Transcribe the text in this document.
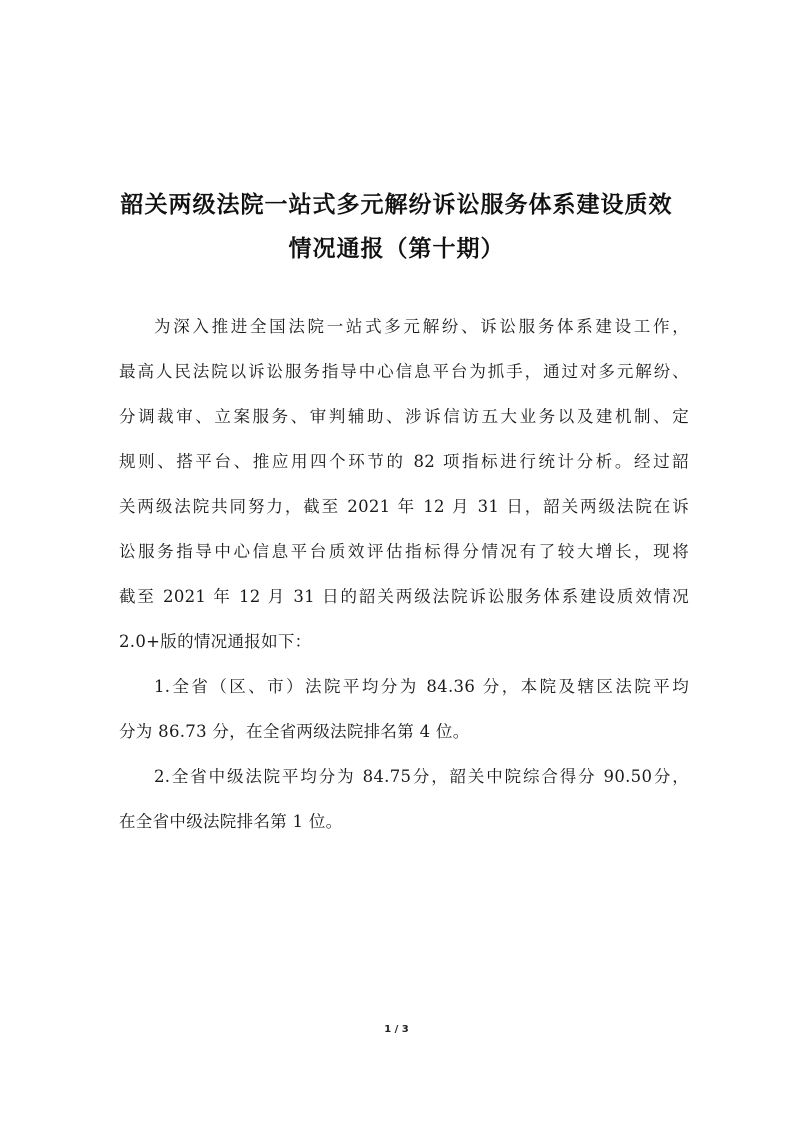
韶关两级法院一站式多元解纷诉讼服务体系建设质效
情况通报（第十期）
为深入推进全国法院一站式多元解纷、诉讼服务体系建设工作，
最高人民法院以诉讼服务指导中心信息平台为抓手，通过对多元解纷、
分调裁审、立案服务、审判辅助、涉诉信访五大业务以及建机制、定
规则、搭平台、推应用四个环节的 82 项指标进行统计分析。经过韶
关两级法院共同努力，截至 2021 年 12 月 31 日，韶关两级法院在诉
讼服务指导中心信息平台质效评估指标得分情况有了较大增长，现将
截至 2021 年 12 月 31 日的韶关两级法院诉讼服务体系建设质效情况
2.0+版的情况通报如下：
1.全省（区、市）法院平均分为 84.36 分，本院及辖区法院平均
分为 86.73 分，在全省两级法院排名第 4 位。
2.全省中级法院平均分为 84.75分，韶关中院综合得分 90.50分，
在全省中级法院排名第 1 位。
1 / 3
